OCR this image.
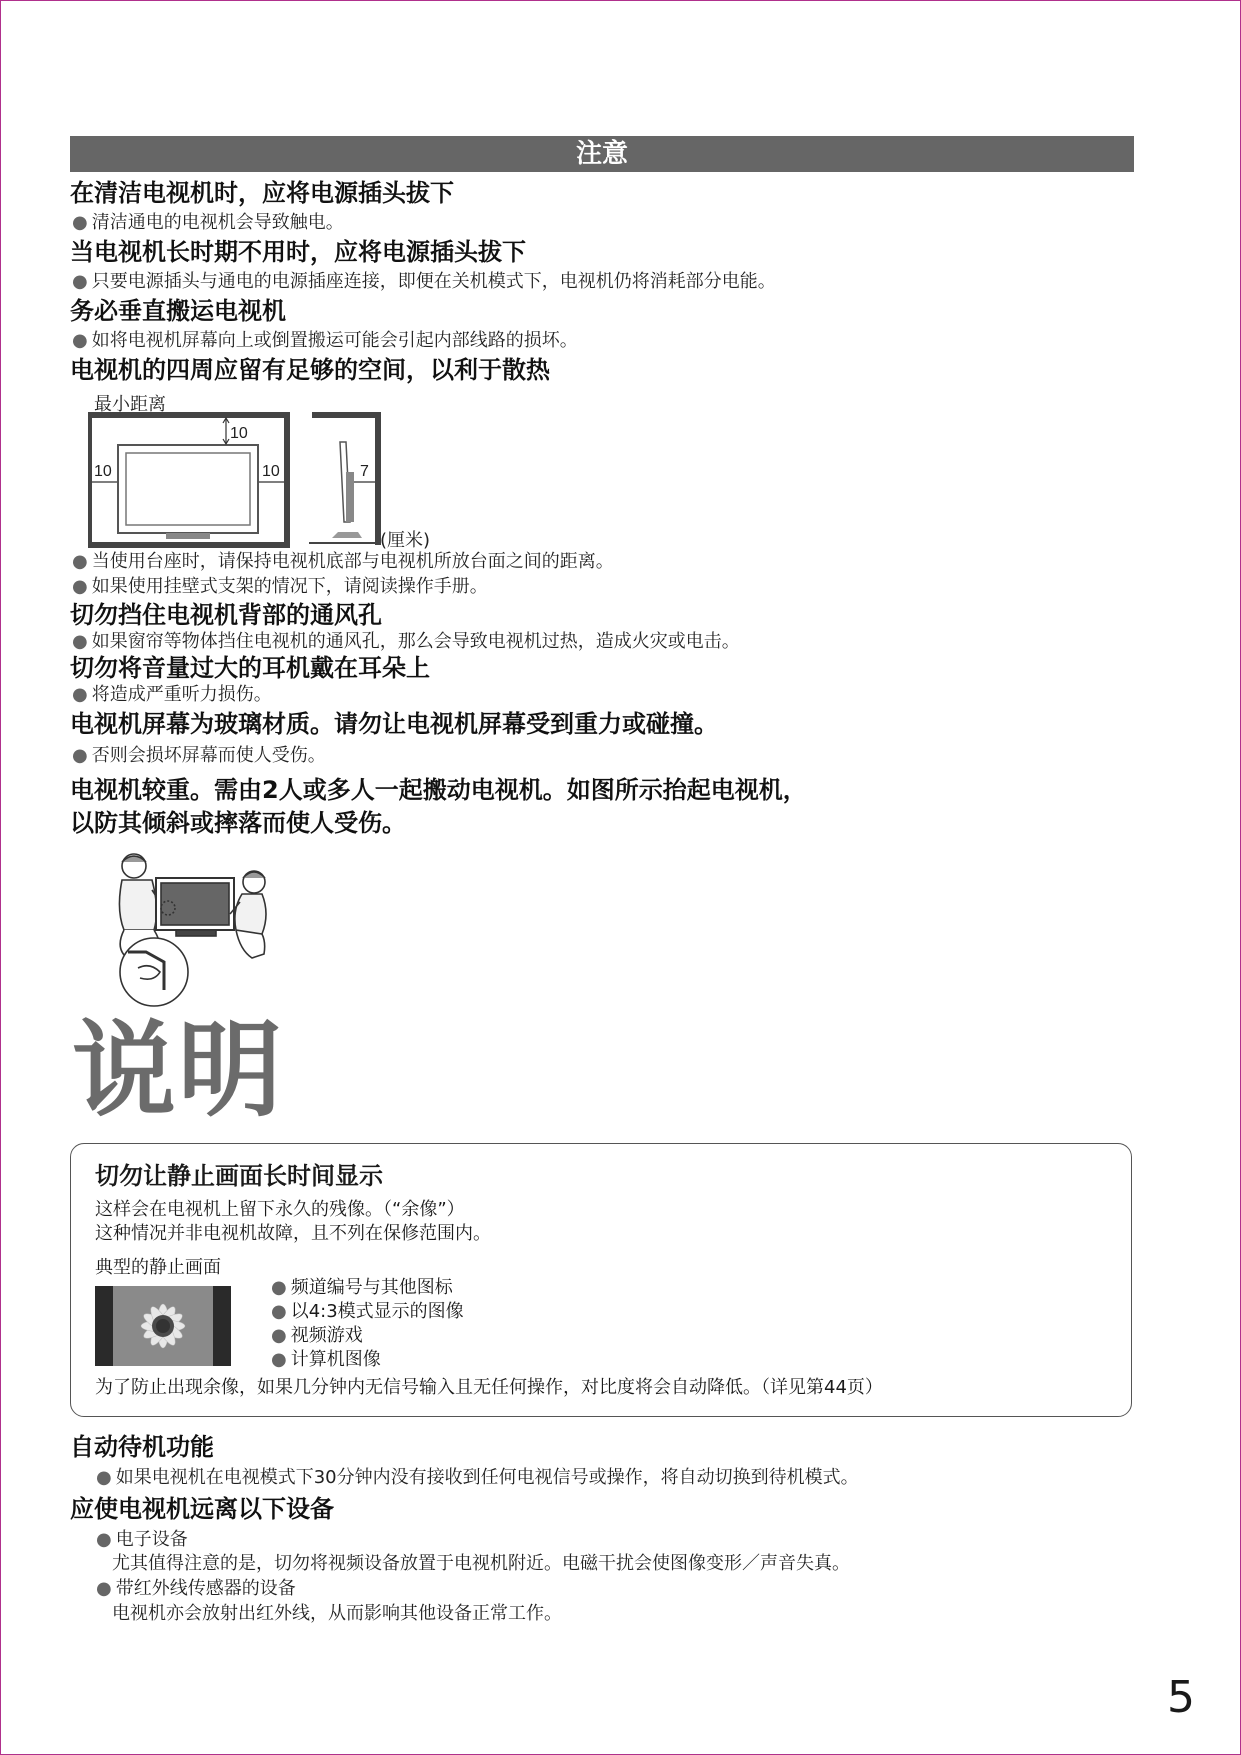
注意
在清洁电视机时，应将电源插头拔下
● 清洁通电的电视机会导致触电。
当电视机长时期不用时，应将电源插头拔下
● 只要电源插头与通电的电源插座连接，即便在关机模式下，电视机仍将消耗部分电能。
务必垂直搬运电视机
● 如将电视机屏幕向上或倒置搬运可能会引起内部线路的损坏。
电视机的四周应留有足够的空间，以利于散热
最小距离
10
10	10	7
(厘米)
● 当使用台座时，请保持电视机底部与电视机所放台面之间的距离。
● 如果使用挂壁式支架的情况下，请阅读操作手册。
切勿挡住电视机背部的通风孔
● 如果窗帘等物体挡住电视机的通风孔，那么会导致电视机过热，造成火灾或电击。
切勿将音量过大的耳机戴在耳朵上
● 将造成严重听力损伤。
电视机屏幕为玻璃材质。请勿让电视机屏幕受到重力或碰撞。
● 否则会损坏屏幕而使人受伤。
电视机较重。需由2人或多人一起搬动电视机。如图所示抬起电视机，
以防其倾斜或摔落而使人受伤。
说明
切勿让静止画面长时间显示
这样会在电视机上留下永久的残像。（“余像”）
这种情况并非电视机故障，且不列在保修范围内。
典型的静止画面
● 频道编号与其他图标
● 以4:3模式显示的图像
● 视频游戏
● 计算机图像
为了防止出现余像，如果几分钟内无信号输入且无任何操作，对比度将会自动降低。（详见第44页）
自动待机功能
● 如果电视机在电视模式下30分钟内没有接收到任何电视信号或操作，将自动切换到待机模式。
应使电视机远离以下设备
● 电子设备
尤其值得注意的是，切勿将视频设备放置于电视机附近。电磁干扰会使图像变形／声音失真。
● 带红外线传感器的设备
电视机亦会放射出红外线，从而影响其他设备正常工作。
5
